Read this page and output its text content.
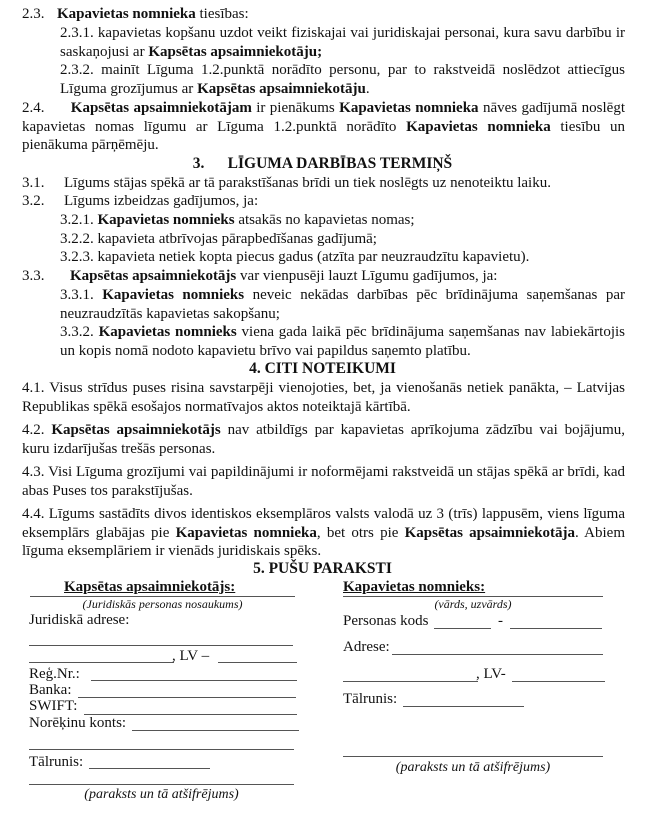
2.3. Kapavietas nomnieka tiesības:
2.3.1. kapavietas kopšanu uzdot veikt fiziskajai vai juridiskajai personai, kura savu darbību ir saskaņojusi ar Kapsētas apsaimniekotāju;
2.3.2. mainīt Līguma 1.2.punktā norādīto personu, par to rakstveidā noslēdzot attiecīgus Līguma grozījumus ar Kapsētas apsaimniekotāju.
2.4.      Kapsētas apsaimniekotājam ir pienākums Kapavietas nomnieka nāves gadījumā noslēgt kapavietas nomas līgumu ar Līguma 1.2.punktā norādīto Kapavietas nomnieka tiesību un pienākuma pārņēmēju.
3.      LĪGUMA DARBĪBAS TERMIŅŠ
3.1. Līgums stājas spēkā ar tā parakstīšanas brīdi un tiek noslēgts uz nenoteiktu laiku.
3.2. Līgums izbeidzas gadījumos, ja:
3.2.1. Kapavietas nomnieks atsakās no kapavietas nomas;
3.2.2. kapavieta atbrīvojas pārapbedīšanas gadījumā;
3.2.3. kapavieta netiek kopta piecus gadus (atzīta par neuzraudzītu kapavietu).
3.3. Kapsētas apsaimniekotājs var vienpusēji lauzt Līgumu gadījumos, ja:
3.3.1. Kapavietas nomnieks neveic nekādas darbības pēc brīdinājuma saņemšanas par neuzraudzītās kapavietas sakopšanu;
3.3.2. Kapavietas nomnieks viena gada laikā pēc brīdinājuma saņemšanas nav labiekārtojis un kopis nomā nodoto kapavietu brīvo vai papildus saņemto platību.
4. CITI NOTEIKUMI
4.1. Visus strīdus puses risina savstarpēji vienojoties, bet, ja vienošanās netiek panākta, – Latvijas Republikas spēkā esošajos normatīvajos aktos noteiktajā kārtībā.
4.2. Kapsētas apsaimniekotājs nav atbildīgs par kapavietas aprīkojuma zādzību vai bojājumu, kuru izdarījušas trešās personas.
4.3. Visi Līguma grozījumi vai papildinājumi ir noformējami rakstveidā un stājas spēkā ar brīdi, kad abas Puses tos parakstījušas.
4.4. Līgums sastādīts divos identiskos eksemplāros valsts valodā uz 3 (trīs) lappusēm, viens līguma eksemplārs glabājas pie Kapavietas nomnieka, bet otrs pie Kapsētas apsaimniekotāja. Abiem līguma eksemplāriem ir vienāds juridiskais spēks.
5. PUŠU PARAKSTI
Kapsētas apsaimniekotājs:
(Juridiskās personas nosaukums)
Juridiskā adrese:
, LV –
Reģ.Nr.:
Banka:
SWIFT:
Norēķinu konts:
Tālrunis:
(paraksts un tā atšifrējums)
Kapavietas nomnieks:
(vārds, uzvārds)
Personas kods	-
Adrese:
, LV-
Tālrunis:
(paraksts un tā atšifrējums)
